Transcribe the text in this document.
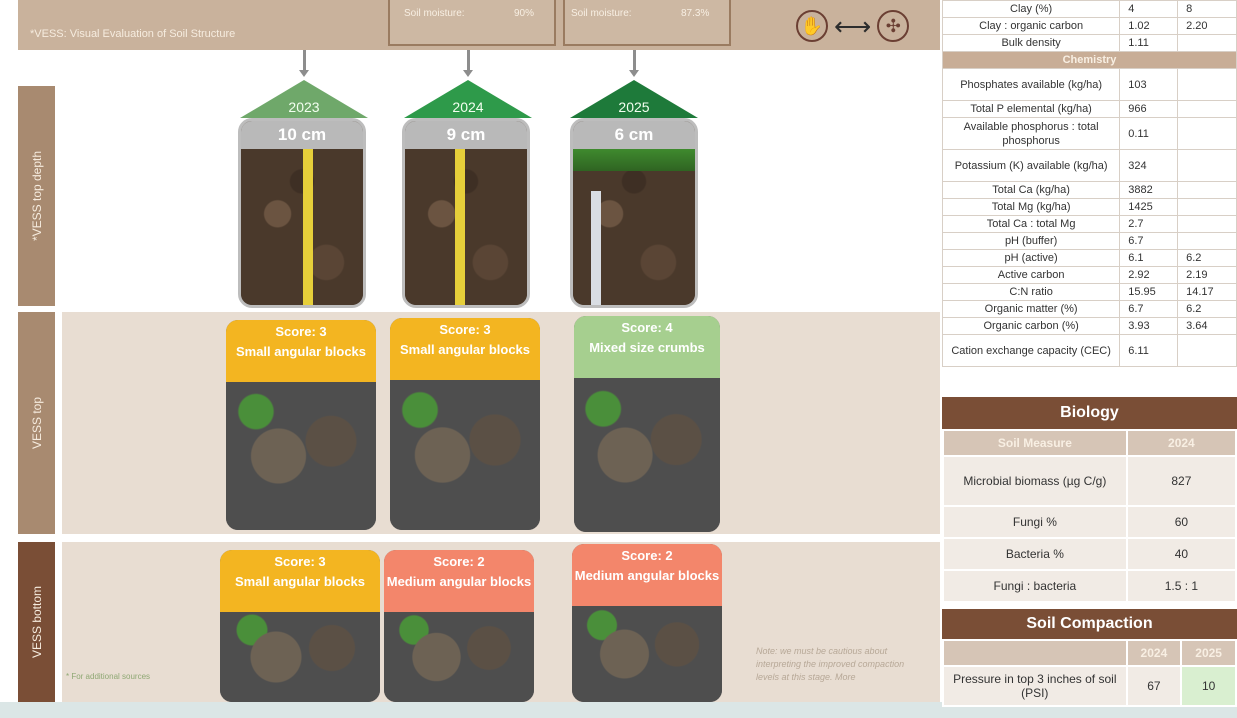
*VESS: Visual Evaluation of Soil Structure
Soil moisture:	90%	Soil moisture:	87.3%
✋ ⟷ ✣
*VESS top depth
VESS top
VESS bottom
2023	2024	2025
10 cm	9 cm	6 cm
Score: 3
Small angular blocks
Score: 3
Small angular blocks
Score: 4
Mixed size crumbs
Score: 3
Small angular blocks
Score: 2
Medium angular blocks
Score: 2
Medium angular blocks
* For additional sources
Note: we must be cautious about interpreting the improved compaction levels at this stage. More
Clay (%)	4	8
Clay : organic carbon	1.02	2.20
Bulk density	1.11	
Chemistry		
Phosphates available (kg/ha)	103	
Total P elemental (kg/ha)	966	
Available phosphorus : total phosphorus	0.11	
Potassium (K) available (kg/ha)	324	
Total Ca (kg/ha)	3882	
Total Mg (kg/ha)	1425	
Total Ca : total Mg	2.7	
pH (buffer)	6.7	
pH (active)	6.1	6.2
Active carbon	2.92	2.19
C:N ratio	15.95	14.17
Organic matter (%)	6.7	6.2
Organic carbon (%)	3.93	3.64
Cation exchange capacity (CEC)	6.11	
Biology
Soil Measure	2024
Microbial biomass (µg C/g)	827
Fungi %	60
Bacteria %	40
Fungi : bacteria	1.5 : 1
Soil Compaction
	2024	2025
Pressure in top 3 inches of soil (PSI)	67	10
